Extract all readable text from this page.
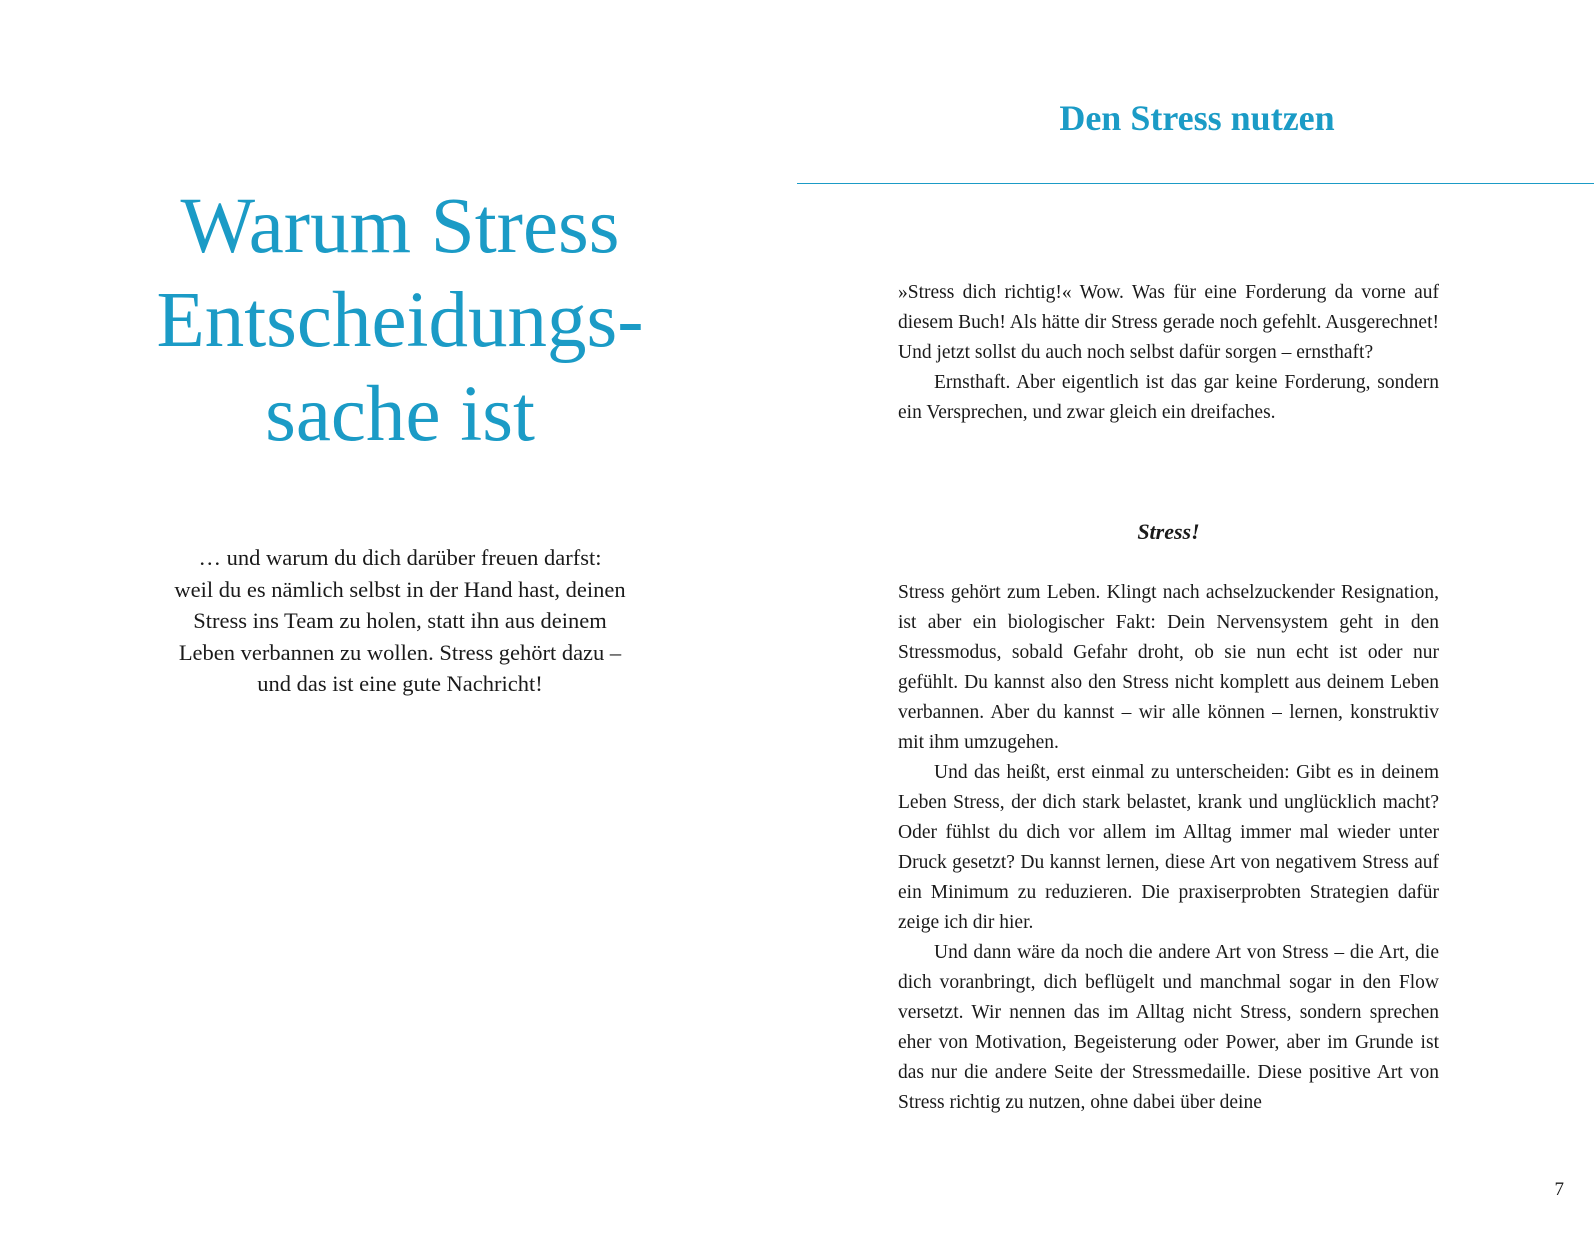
Warum Stress
Entscheidungs-
sache ist
… und warum du dich darüber freuen darfst:
weil du es nämlich selbst in der Hand hast, deinen
Stress ins Team zu holen, statt ihn aus deinem
Leben verbannen zu wollen. Stress gehört dazu –
und das ist eine gute Nachricht!
Den Stress nutzen

»Stress dich richtig!« Wow. Was für eine Forderung da vorne auf diesem Buch! Als hätte dir Stress gerade noch gefehlt. Ausgerechnet! Und jetzt sollst du auch noch selbst dafür sorgen – ernsthaft?

Ernsthaft. Aber eigentlich ist das gar keine Forderung, sondern ein Versprechen, und zwar gleich ein dreifaches.

Stress!

Stress gehört zum Leben. Klingt nach achselzuckender Resignation, ist aber ein biologischer Fakt: Dein Nervensystem geht in den Stressmodus, sobald Gefahr droht, ob sie nun echt ist oder nur gefühlt. Du kannst also den Stress nicht komplett aus deinem Leben verbannen. Aber du kannst – wir alle können – lernen, konstruktiv mit ihm umzugehen.

Und das heißt, erst einmal zu unterscheiden: Gibt es in deinem Leben Stress, der dich stark belastet, krank und unglücklich macht? Oder fühlst du dich vor allem im Alltag immer mal wieder unter Druck gesetzt? Du kannst lernen, diese Art von negativem Stress auf ein Minimum zu reduzieren. Die praxiserprobten Strategien dafür zeige ich dir hier.

Und dann wäre da noch die andere Art von Stress – die Art, die dich voranbringt, dich beflügelt und manchmal sogar in den Flow versetzt. Wir nennen das im Alltag nicht Stress, sondern sprechen eher von Motivation, Begeisterung oder Power, aber im Grunde ist das nur die andere Seite der Stressmedaille. Diese positive Art von Stress richtig zu nutzen, ohne dabei über deine

7
